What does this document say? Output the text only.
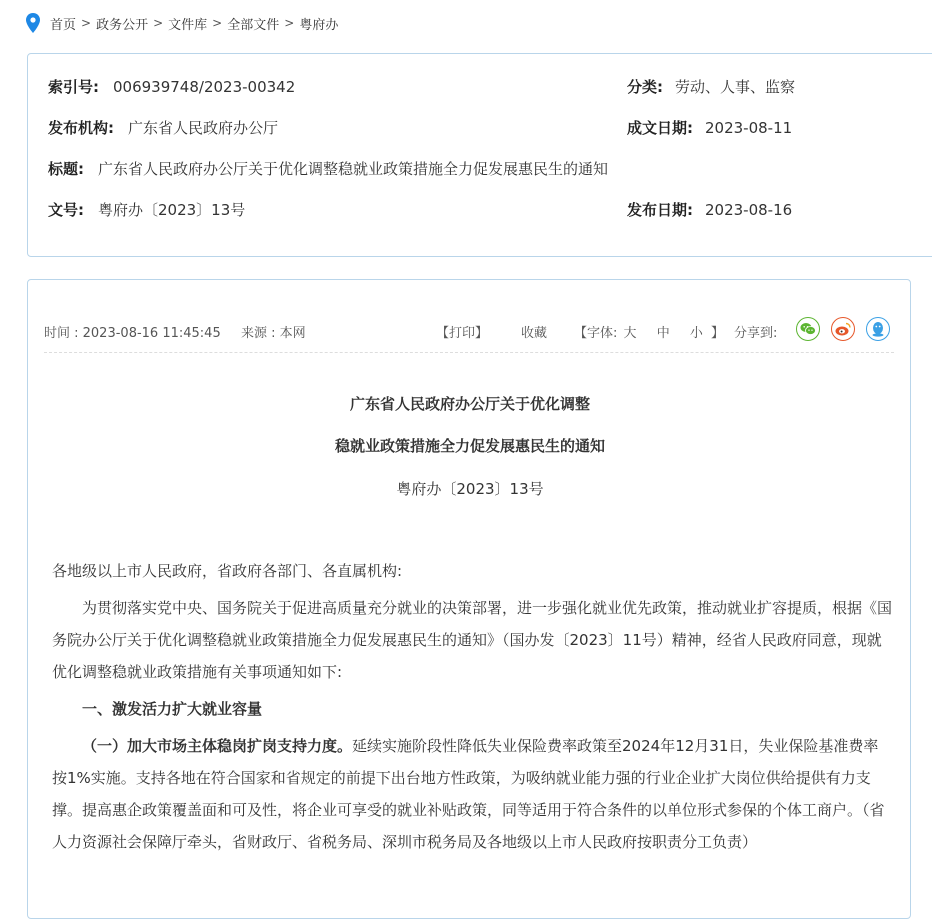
首页 > 政务公开 > 文件库 > 全部文件 > 粤府办
索引号: 006939748/2023-00342	分类: 劳动、人事、监察
发布机构: 广东省人民政府办公厅	成文日期: 2023-08-11
标题: 广东省人民政府办公厅关于优化调整稳就业政策措施全力促发展惠民生的通知
文号: 粤府办〔2023〕13号	发布日期: 2023-08-16
时间 : 2023-08-16 11:45:45 来源 : 本网	【打印】	收藏 【字体: 大 中 小 】 分享到:
广东省人民政府办公厅关于优化调整
稳就业政策措施全力促发展惠民生的通知
粤府办〔2023〕13号

各地级以上市人民政府，省政府各部门、各直属机构:

为贯彻落实党中央、国务院关于促进高质量充分就业的决策部署，进一步强化就业优先政策，推动就业扩容提质，根据《国务院办公厅关于优化调整稳就业政策措施全力促发展惠民生的通知》（国办发〔2023〕11号）精神，经省人民政府同意，现就优化调整稳就业政策措施有关事项通知如下:

一、激发活力扩大就业容量

（一）加大市场主体稳岗扩岗支持力度。延续实施阶段性降低失业保险费率政策至2024年12月31日，失业保险基准费率按1%实施。支持各地在符合国家和省规定的前提下出台地方性政策，为吸纳就业能力强的行业企业扩大岗位供给提供有力支撑。提高惠企政策覆盖面和可及性，将企业可享受的就业补贴政策，同等适用于符合条件的以单位形式参保的个体工商户。（省人力资源社会保障厅牵头，省财政厅、省税务局、深圳市税务局及各地级以上市人民政府按职责分工负责）
